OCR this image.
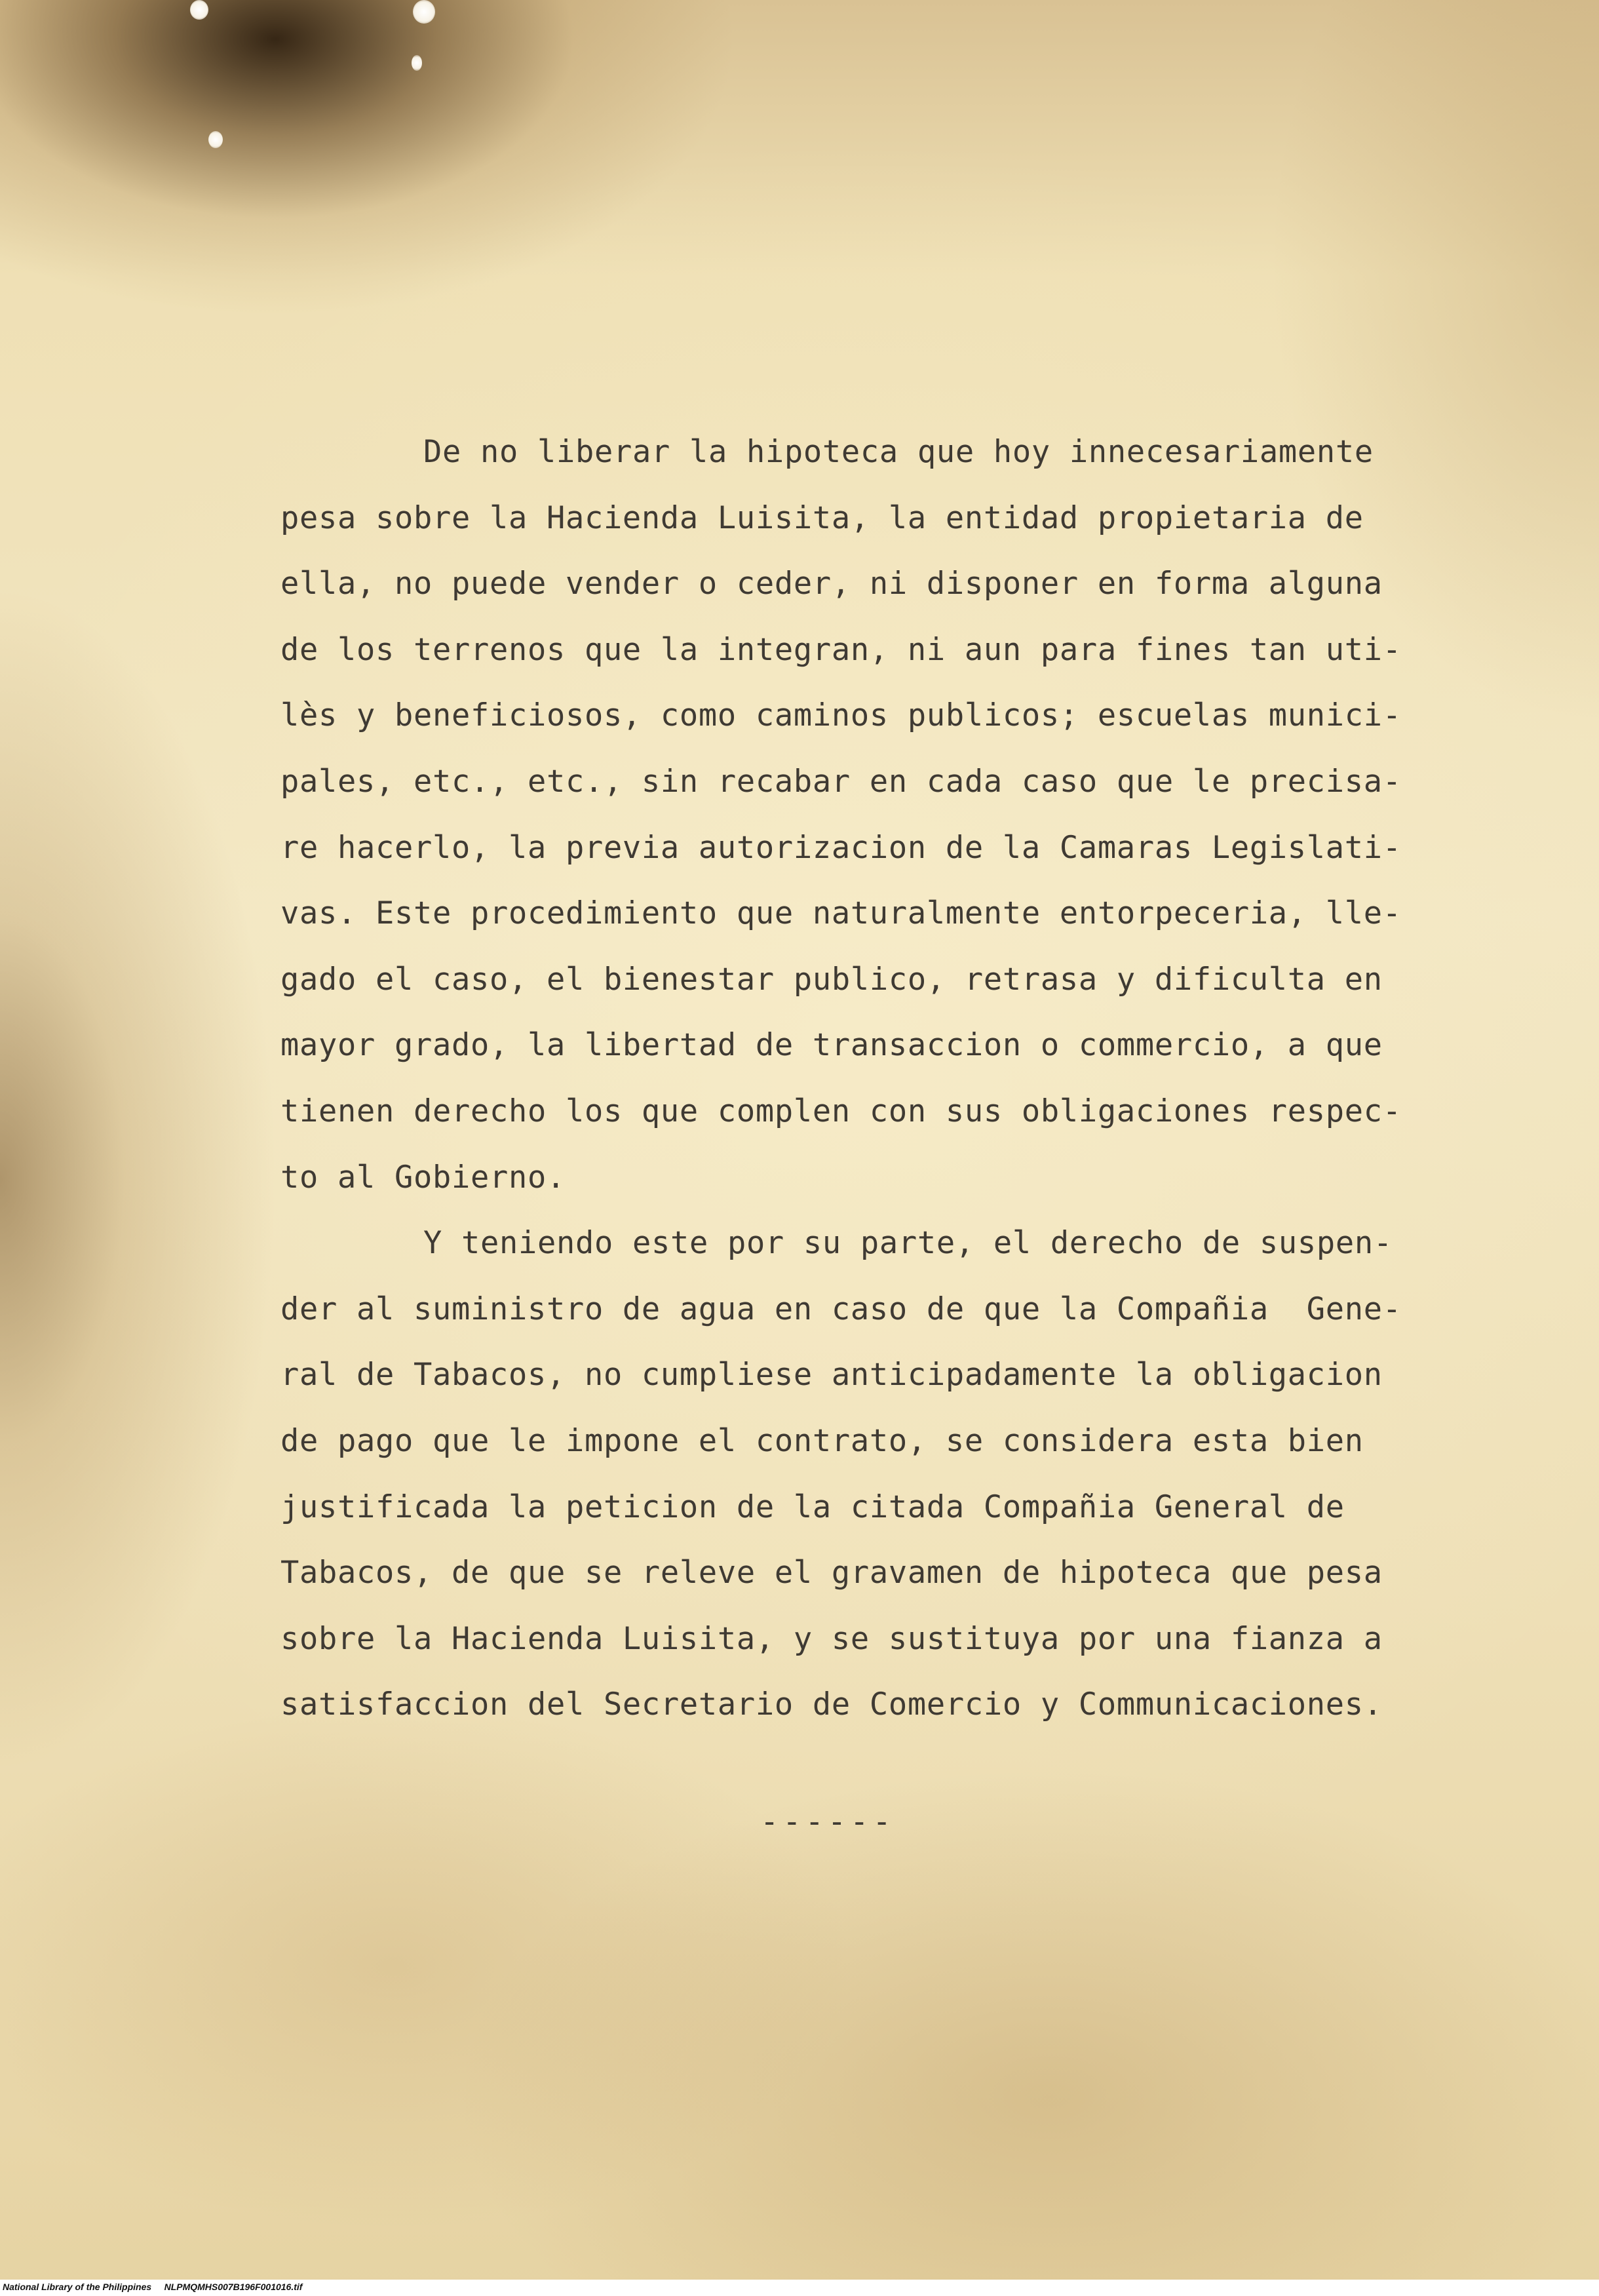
De no liberar la hipoteca que hoy innecesariamente
pesa sobre la Hacienda Luisita, la entidad propietaria de
ella, no puede vender o ceder, ni disponer en forma alguna
de los terrenos que la integran, ni aun para fines tan uti-
lès y beneficiosos, como caminos publicos; escuelas munici-
pales, etc., etc., sin recabar en cada caso que le precisa-
re hacerlo, la previa autorizacion de la Camaras Legislati-
vas. Este procedimiento que naturalmente entorpeceria, lle-
gado el caso, el bienestar publico, retrasa y dificulta en
mayor grado, la libertad de transaccion o commercio, a que
tienen derecho los que complen con sus obligaciones respec-
to al Gobierno.
Y teniendo este por su parte, el derecho de suspen-
der al suministro de agua en caso de que la Compañia  Gene-
ral de Tabacos, no cumpliese anticipadamente la obligacion
de pago que le impone el contrato, se considera esta bien
justificada la peticion de la citada Compañia General de
Tabacos, de que se releve el gravamen de hipoteca que pesa
sobre la Hacienda Luisita, y se sustituya por una fianza a
satisfaccion del Secretario de Comercio y Communicaciones.
------
National Library of the Philippines     NLPMQMHS007B196F001016.tif
